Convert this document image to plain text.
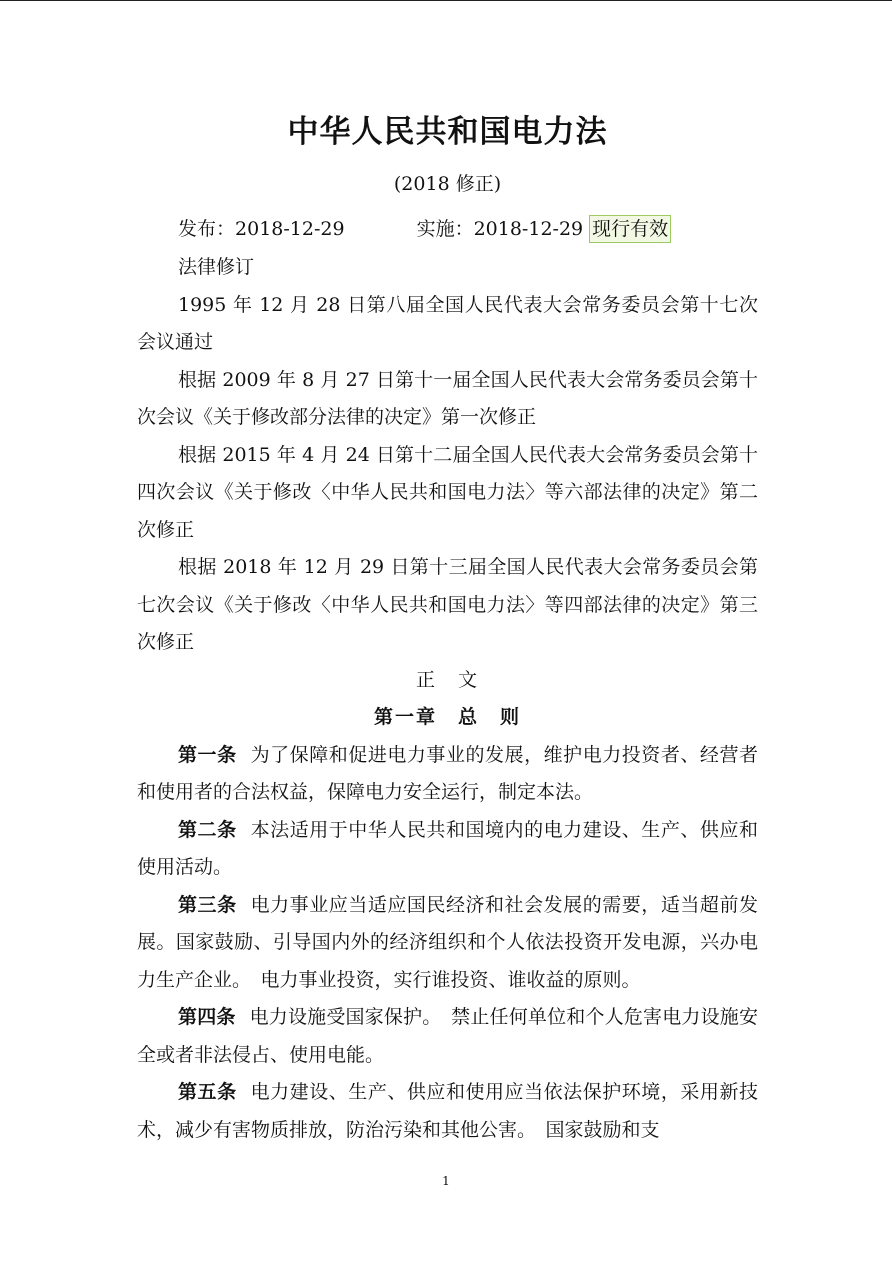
中华人民共和国电力法
(2018 修正)
发布：2018-12-29	实施：2018-12-29 现行有效

法律修订

1995 年 12 月 28 日第八届全国人民代表大会常务委员会第十七次会议通过

根据 2009 年 8 月 27 日第十一届全国人民代表大会常务委员会第十次会议《关于修改部分法律的决定》第一次修正

根据 2015 年 4 月 24 日第十二届全国人民代表大会常务委员会第十四次会议《关于修改〈中华人民共和国电力法〉等六部法律的决定》第二次修正

根据 2018 年 12 月 29 日第十三届全国人民代表大会常务委员会第七次会议《关于修改〈中华人民共和国电力法〉等四部法律的决定》第三次修正

正　文

第一章　总　则

第一条 为了保障和促进电力事业的发展，维护电力投资者、经营者和使用者的合法权益，保障电力安全运行，制定本法。

第二条 本法适用于中华人民共和国境内的电力建设、生产、供应和使用活动。

第三条 电力事业应当适应国民经济和社会发展的需要，适当超前发展。国家鼓励、引导国内外的经济组织和个人依法投资开发电源，兴办电力生产企业。　电力事业投资，实行谁投资、谁收益的原则。

第四条 电力设施受国家保护。　禁止任何单位和个人危害电力设施安全或者非法侵占、使用电能。

第五条 电力建设、生产、供应和使用应当依法保护环境，采用新技术，减少有害物质排放，防治污染和其他公害。　国家鼓励和支

1
